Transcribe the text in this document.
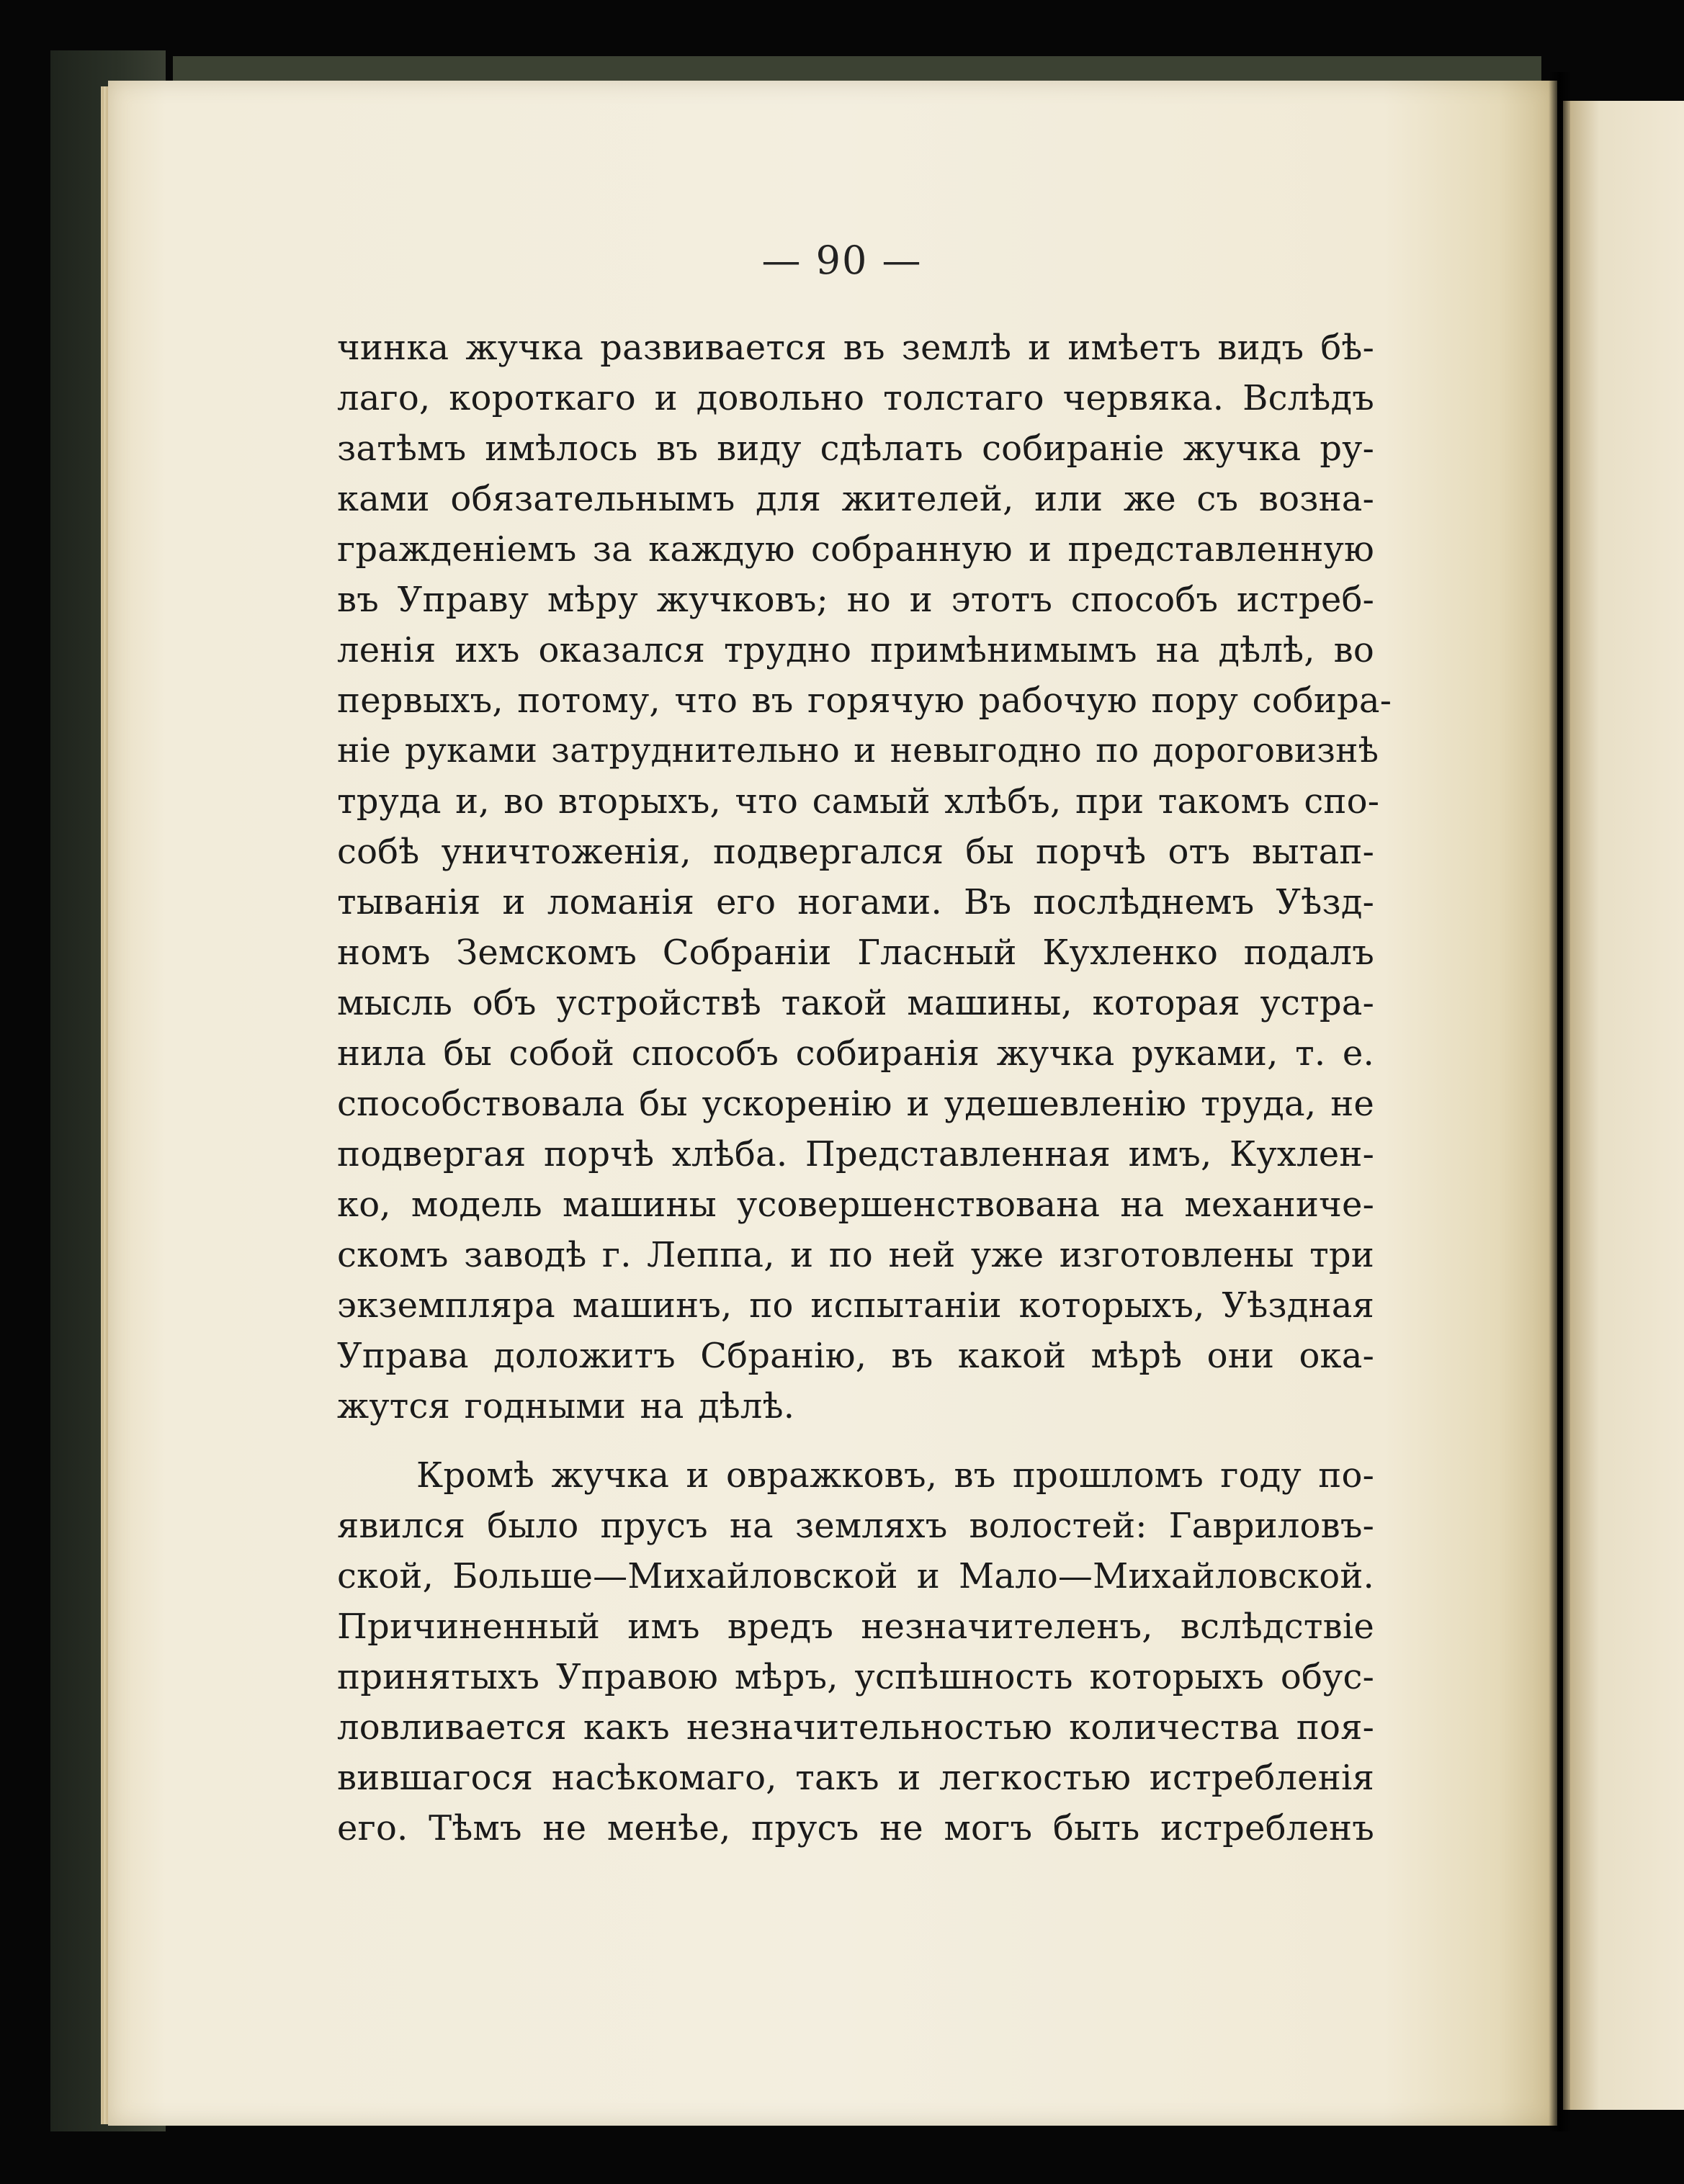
— 90 —
чинка жучка развивается въ землѣ и имѣетъ видъ бѣ-
лаго, короткаго и довольно толстаго червяка. Вслѣдъ
затѣмъ имѣлось въ виду сдѣлать собираніе жучка ру-
ками обязательнымъ для жителей, или же съ возна-
гражденіемъ за каждую собранную и представленную
въ Управу мѣру жучковъ; но и этотъ способъ истреб-
ленія ихъ оказался трудно примѣнимымъ на дѣлѣ, во
первыхъ, потому, что въ горячую рабочую пору собира-
ніе руками затруднительно и невыгодно по дороговизнѣ
труда и, во вторыхъ, что самый хлѣбъ, при такомъ спо-
собѣ уничтоженія, подвергался бы порчѣ отъ вытап-
тыванія и ломанія его ногами. Въ послѣднемъ Уѣзд-
номъ Земскомъ Собраніи Гласный Кухленко подалъ
мысль объ устройствѣ такой машины, которая устра-
нила бы собой способъ собиранія жучка руками, т. е.
способствовала бы ускоренію и удешевленію труда, не
подвергая порчѣ хлѣба. Представленная имъ, Кухлен-
ко, модель машины усовершенствована на механиче-
скомъ заводѣ г. Леппа, и по ней уже изготовлены три
экземпляра машинъ, по испытаніи которыхъ, Уѣздная
Управа доложитъ Сбранію, въ какой мѣрѣ они ока-
жутся годными на дѣлѣ.
Кромѣ жучка и овражковъ, въ прошломъ году по-
явился было прусъ на земляхъ волостей: Гавриловъ-
ской, Больше—Михайловской и Мало—Михайловской.
Причиненный имъ вредъ незначителенъ, вслѣдствіе
принятыхъ Управою мѣръ, успѣшность которыхъ обус-
ловливается какъ незначительностью количества поя-
вившагося насѣкомаго, такъ и легкостью истребленія
его. Тѣмъ не менѣе, прусъ не могъ быть истребленъ
